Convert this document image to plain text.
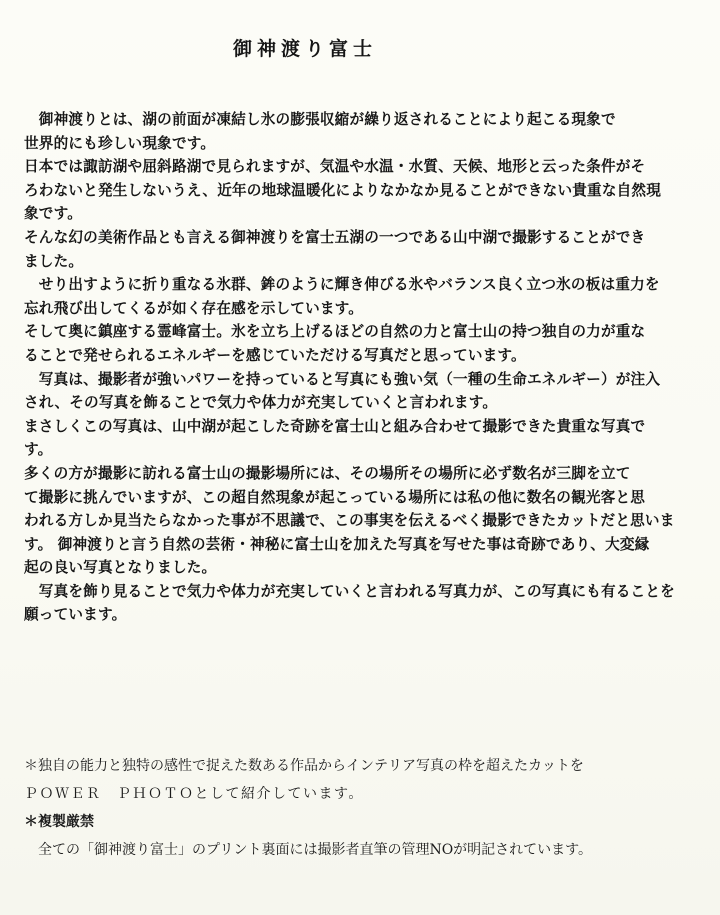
御神渡り富士

　御神渡りとは、湖の前面が凍結し氷の膨張収縮が繰り返されることにより起こる現象で

世界的にも珍しい現象です。

日本では諏訪湖や屈斜路湖で見られますが、気温や水温・水質、天候、地形と云った条件がそ

ろわないと発生しないうえ、近年の地球温暖化によりなかなか見ることができない貴重な自然現

象です。

そんな幻の美術作品とも言える御神渡りを富士五湖の一つである山中湖で撮影することができ

ました。

　せり出すように折り重なる氷群、鉾のように輝き伸びる氷やバランス良く立つ氷の板は重力を

忘れ飛び出してくるが如く存在感を示しています。

そして奥に鎮座する霊峰富士。氷を立ち上げるほどの自然の力と富士山の持つ独自の力が重な

ることで発せられるエネルギーを感じていただける写真だと思っています。

　写真は、撮影者が強いパワーを持っていると写真にも強い気（一種の生命エネルギー）が注入

され、その写真を飾ることで気力や体力が充実していくと言われます。

まさしくこの写真は、山中湖が起こした奇跡を富士山と組み合わせて撮影できた貴重な写真で

す。

多くの方が撮影に訪れる富士山の撮影場所には、その場所その場所に必ず数名が三脚を立て

て撮影に挑んでいますが、この超自然現象が起こっている場所には私の他に数名の観光客と思

われる方しか見当たらなかった事が不思議で、この事実を伝えるべく撮影できたカットだと思いま

す。 御神渡りと言う自然の芸術・神秘に富士山を加えた写真を写せた事は奇跡であり、大変縁

起の良い写真となりました。

　写真を飾り見ることで気力や体力が充実していくと言われる写真力が、この写真にも有ることを

願っています。

＊独自の能力と独特の感性で捉えた数ある作品からインテリア写真の枠を超えたカットを

ＰＯＷＥＲ　ＰＨＯＴＯとして紹介しています。

＊複製厳禁

　全ての「御神渡り富士」のプリント裏面には撮影者直筆の管理NOが明記されています。
